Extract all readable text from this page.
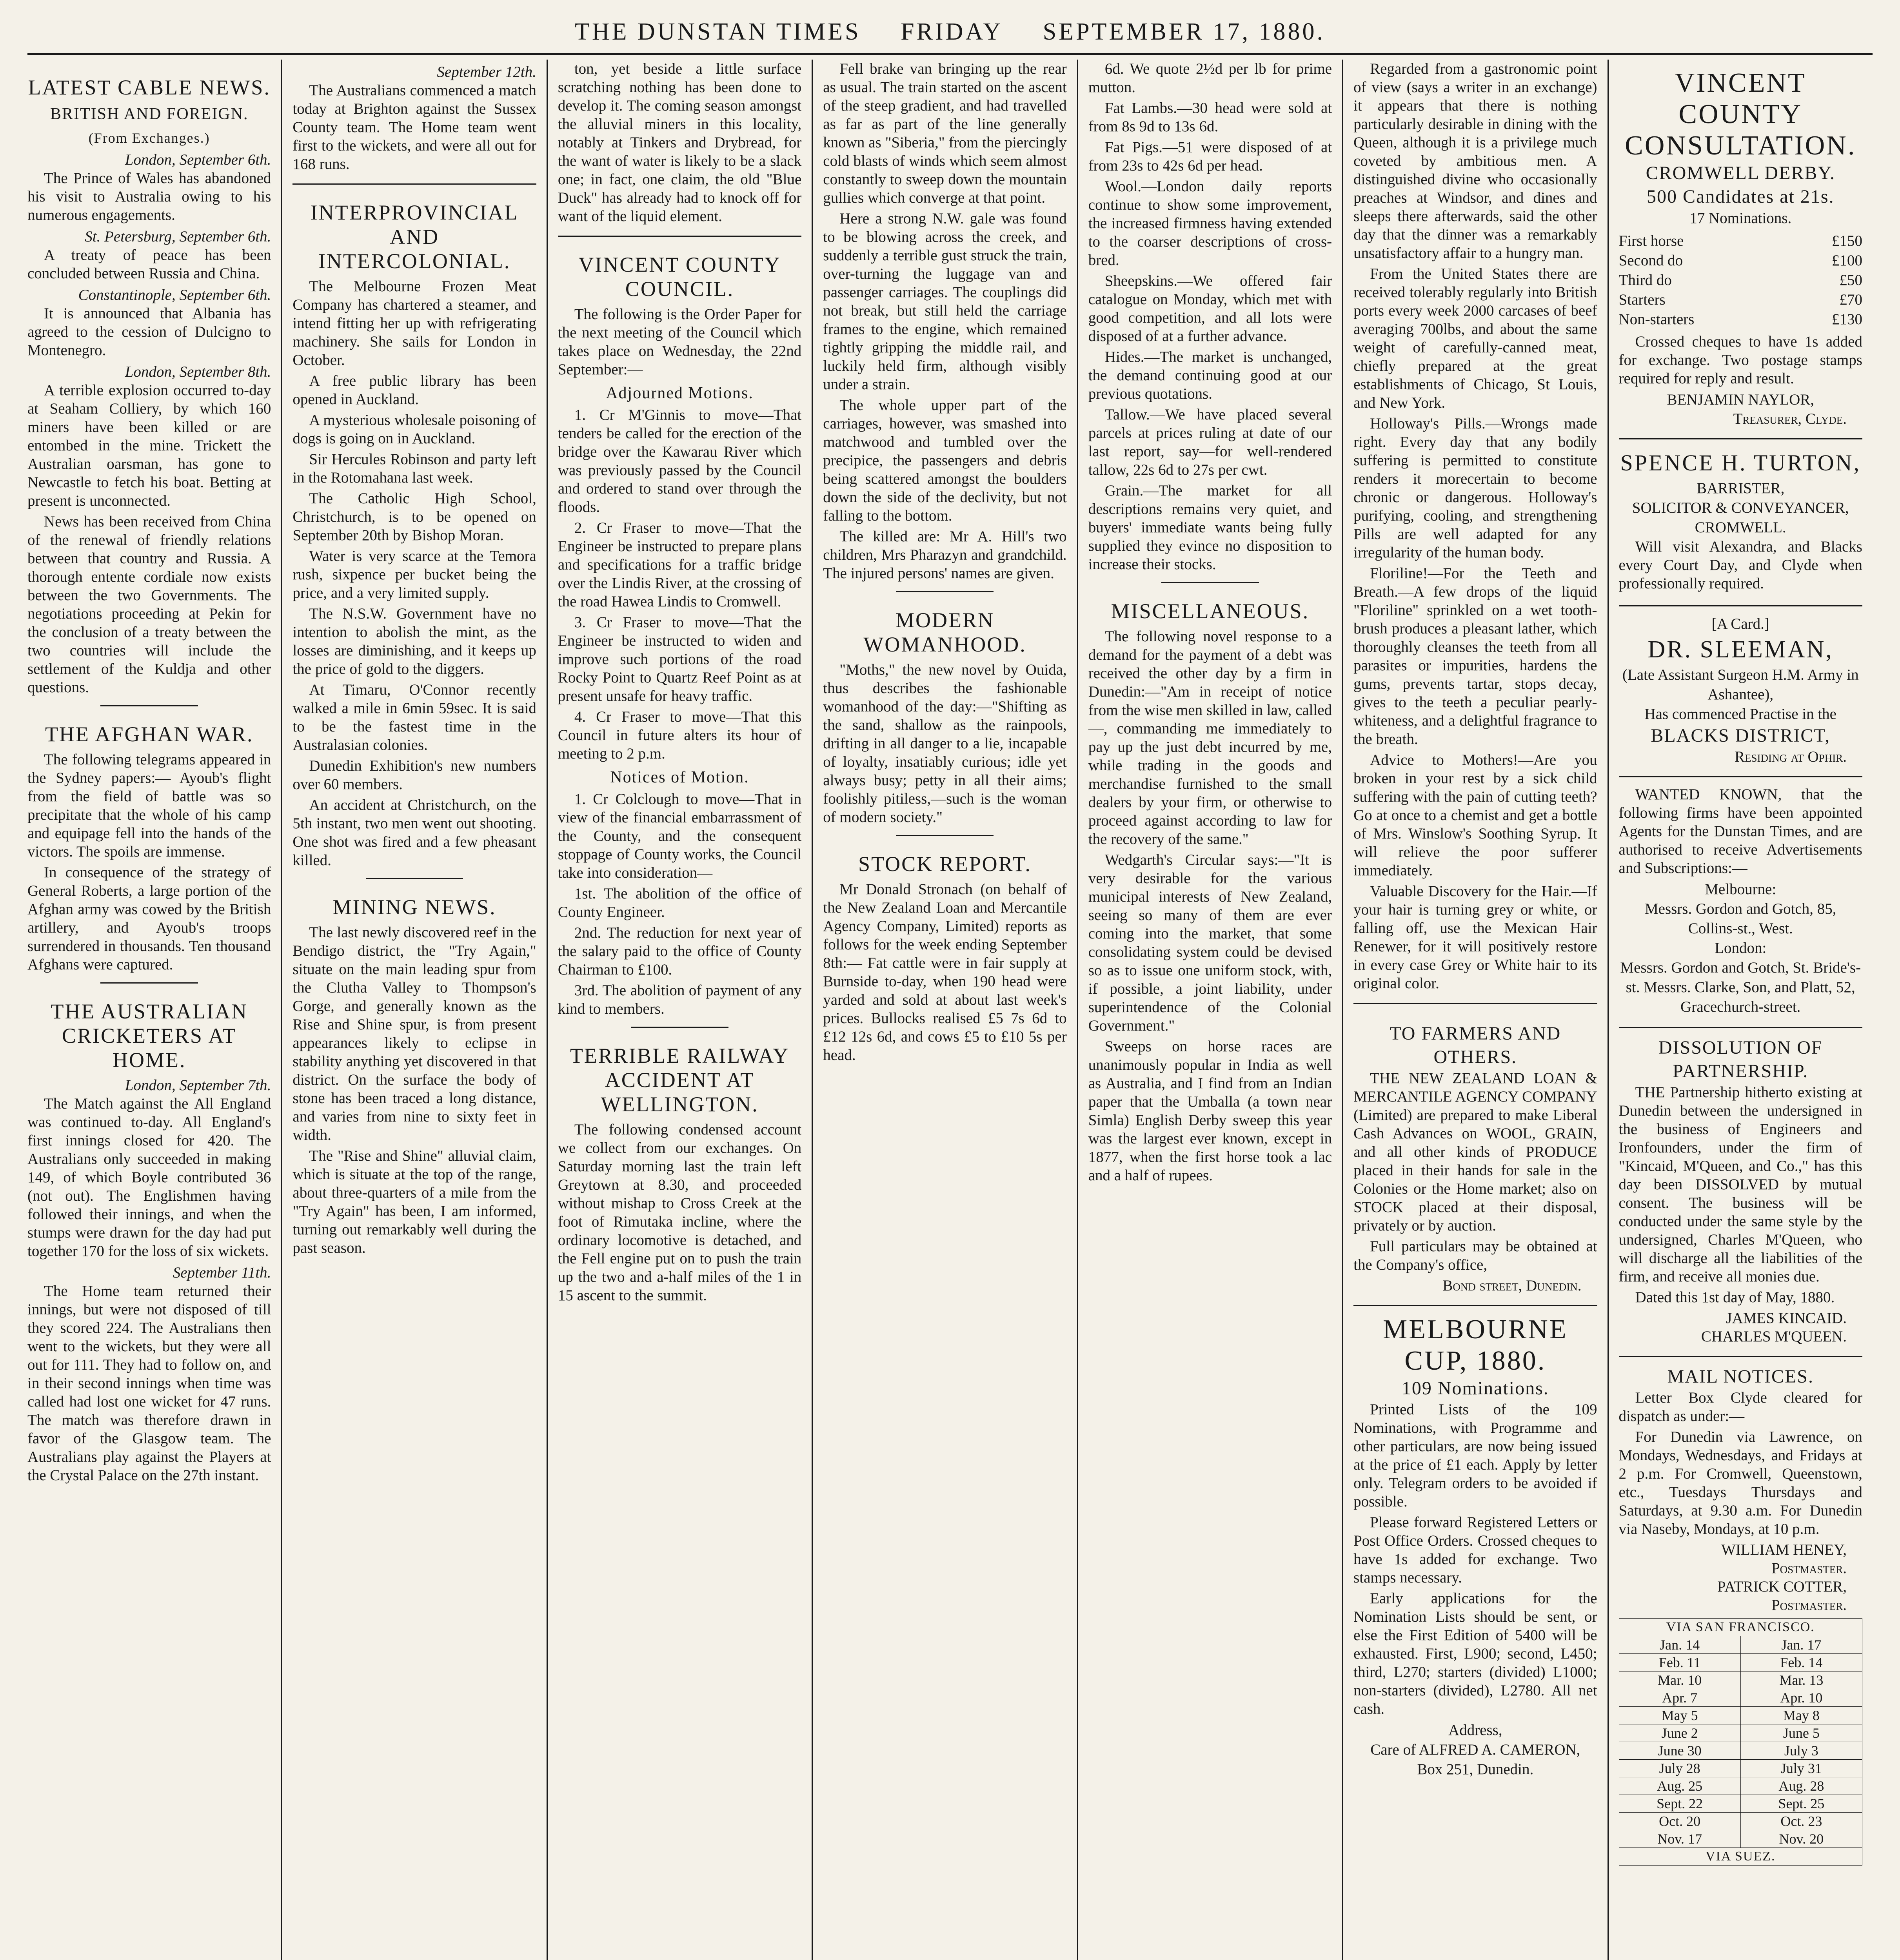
THE DUNSTAN TIMES FRIDAY SEPTEMBER 17, 1880.
LATEST CABLE NEWS.
BRITISH AND FOREIGN.
(From Exchanges.)
London, September 6th.

The Prince of Wales has abandoned his visit to Australia owing to his numerous engagements.

St. Petersburg, September 6th.

A treaty of peace has been concluded between Russia and China.

Constantinople, September 6th.

It is announced that Albania has agreed to the cession of Dulcigno to Montenegro.

London, September 8th.

A terrible explosion occurred to-day at Seaham Colliery, by which 160 miners have been killed or are entombed in the mine. Trickett the Australian oarsman, has gone to Newcastle to fetch his boat. Betting at present is unconnected.

News has been received from China of the renewal of friendly relations between that country and Russia. A thorough entente cordiale now exists between the two Governments. The negotiations proceeding at Pekin for the conclusion of a treaty between the two countries will include the settlement of the Kuldja and other questions.

THE AFGHAN WAR.

The following telegrams appeared in the Sydney papers:— Ayoub's flight from the field of battle was so precipitate that the whole of his camp and equipage fell into the hands of the victors. The spoils are immense.

In consequence of the strategy of General Roberts, a large portion of the Afghan army was cowed by the British artillery, and Ayoub's troops surrendered in thousands. Ten thousand Afghans were captured.

THE AUSTRALIAN CRICKETERS AT HOME.
London, September 7th.

The Match against the All England was continued to-day. All England's first innings closed for 420. The Australians only succeeded in making 149, of which Boyle contributed 36 (not out). The Englishmen having followed their innings, and when the stumps were drawn for the day had put together 170 for the loss of six wickets.

September 11th.

The Home team returned their innings, but were not disposed of till they scored 224. The Australians then went to the wickets, but they were all out for 111. They had to follow on, and in their second innings when time was called had lost one wicket for 47 runs. The match was therefore drawn in favor of the Glasgow team. The Australians play against the Players at the Crystal Palace on the 27th instant.

September 12th.

The Australians commenced a match today at Brighton against the Sussex County team. The Home team went first to the wickets, and were all out for 168 runs.

INTERPROVINCIAL AND INTERCOLONIAL.

The Melbourne Frozen Meat Company has chartered a steamer, and intend fitting her up with refrigerating machinery. She sails for London in October.

A free public library has been opened in Auckland.

A mysterious wholesale poisoning of dogs is going on in Auckland.

Sir Hercules Robinson and party left in the Rotomahana last week.

The Catholic High School, Christchurch, is to be opened on September 20th by Bishop Moran.

Water is very scarce at the Temora rush, sixpence per bucket being the price, and a very limited supply.

The N.S.W. Government have no intention to abolish the mint, as the losses are diminishing, and it keeps up the price of gold to the diggers.

At Timaru, O'Connor recently walked a mile in 6min 59sec. It is said to be the fastest time in the Australasian colonies.

Dunedin Exhibition's new numbers over 60 members.

An accident at Christchurch, on the 5th instant, two men went out shooting. One shot was fired and a few pheasant killed.

MINING NEWS.

The last newly discovered reef in the Bendigo district, the "Try Again," situate on the main leading spur from the Clutha Valley to Thompson's Gorge, and generally known as the Rise and Shine spur, is from present appearances likely to eclipse in stability anything yet discovered in that district. On the surface the body of stone has been traced a long distance, and varies from nine to sixty feet in width.

The "Rise and Shine" alluvial claim, which is situate at the top of the range, about three-quarters of a mile from the "Try Again" has been, I am informed, turning out remarkably well during the past season.

ton, yet beside a little surface scratching nothing has been done to develop it. The coming season amongst the alluvial miners in this locality, notably at Tinkers and Drybread, for the want of water is likely to be a slack one; in fact, one claim, the old "Blue Duck" has already had to knock off for want of the liquid element.

VINCENT COUNTY COUNCIL.

The following is the Order Paper for the next meeting of the Council which takes place on Wednesday, the 22nd September:—

Adjourned Motions.

1. Cr M'Ginnis to move—That tenders be called for the erection of the bridge over the Kawarau River which was previously passed by the Council and ordered to stand over through the floods.

2. Cr Fraser to move—That the Engineer be instructed to prepare plans and specifications for a traffic bridge over the Lindis River, at the crossing of the road Hawea Lindis to Cromwell.

3. Cr Fraser to move—That the Engineer be instructed to widen and improve such portions of the road Rocky Point to Quartz Reef Point as at present unsafe for heavy traffic.

4. Cr Fraser to move—That this Council in future alters its hour of meeting to 2 p.m.

Notices of Motion.

1. Cr Colclough to move—That in view of the financial embarrassment of the County, and the consequent stoppage of County works, the Council take into consideration—

1st. The abolition of the office of County Engineer.

2nd. The reduction for next year of the salary paid to the office of County Chairman to £100.

3rd. The abolition of payment of any kind to members.

TERRIBLE RAILWAY ACCIDENT AT WELLINGTON.

The following condensed account we collect from our exchanges. On Saturday morning last the train left Greytown at 8.30, and proceeded without mishap to Cross Creek at the foot of Rimutaka incline, where the ordinary locomotive is detached, and the Fell engine put on to push the train up the two and a-half miles of the 1 in 15 ascent to the summit.

Fell brake van bringing up the rear as usual. The train started on the ascent of the steep gradient, and had travelled as far as part of the line generally known as "Siberia," from the piercingly cold blasts of winds which seem almost constantly to sweep down the mountain gullies which converge at that point.

Here a strong N.W. gale was found to be blowing across the creek, and suddenly a terrible gust struck the train, over-turning the luggage van and passenger carriages. The couplings did not break, but still held the carriage frames to the engine, which remained tightly gripping the middle rail, and luckily held firm, although visibly under a strain.

The whole upper part of the carriages, however, was smashed into matchwood and tumbled over the precipice, the passengers and debris being scattered amongst the boulders down the side of the declivity, but not falling to the bottom.

The killed are: Mr A. Hill's two children, Mrs Pharazyn and grandchild. The injured persons' names are given.

MODERN WOMANHOOD.

"Moths," the new novel by Ouida, thus describes the fashionable womanhood of the day:—"Shifting as the sand, shallow as the rainpools, drifting in all danger to a lie, incapable of loyalty, insatiably curious; idle yet always busy; petty in all their aims; foolishly pitiless,—such is the woman of modern society."

STOCK REPORT.

Mr Donald Stronach (on behalf of the New Zealand Loan and Mercantile Agency Company, Limited) reports as follows for the week ending September 8th:— Fat cattle were in fair supply at Burnside to-day, when 190 head were yarded and sold at about last week's prices. Bullocks realised £5 7s 6d to £12 12s 6d, and cows £5 to £10 5s per head.

6d. We quote 2½d per lb for prime mutton.

Fat Lambs.—30 head were sold at from 8s 9d to 13s 6d.

Fat Pigs.—51 were disposed of at from 23s to 42s 6d per head.

Wool.—London daily reports continue to show some improvement, the increased firmness having extended to the coarser descriptions of cross-bred.

Sheepskins.—We offered fair catalogue on Monday, which met with good competition, and all lots were disposed of at a further advance.

Hides.—The market is unchanged, the demand continuing good at our previous quotations.

Tallow.—We have placed several parcels at prices ruling at date of our last report, say—for well-rendered tallow, 22s 6d to 27s per cwt.

Grain.—The market for all descriptions remains very quiet, and buyers' immediate wants being fully supplied they evince no disposition to increase their stocks.

MISCELLANEOUS.

The following novel response to a demand for the payment of a debt was received the other day by a firm in Dunedin:—"Am in receipt of notice from the wise men skilled in law, called—, commanding me immediately to pay up the just debt incurred by me, while trading in the goods and merchandise furnished to the small dealers by your firm, or otherwise to proceed against according to law for the recovery of the same."

Wedgarth's Circular says:—"It is very desirable for the various municipal interests of New Zealand, seeing so many of them are ever coming into the market, that some consolidating system could be devised so as to issue one uniform stock, with, if possible, a joint liability, under superintendence of the Colonial Government."

Sweeps on horse races are unanimously popular in India as well as Australia, and I find from an Indian paper that the Umballa (a town near Simla) English Derby sweep this year was the largest ever known, except in 1877, when the first horse took a lac and a half of rupees.

Regarded from a gastronomic point of view (says a writer in an exchange) it appears that there is nothing particularly desirable in dining with the Queen, although it is a privilege much coveted by ambitious men. A distinguished divine who occasionally preaches at Windsor, and dines and sleeps there afterwards, said the other day that the dinner was a remarkably unsatisfactory affair to a hungry man.

From the United States there are received tolerably regularly into British ports every week 2000 carcases of beef averaging 700lbs, and about the same weight of carefully-canned meat, chiefly prepared at the great establishments of Chicago, St Louis, and New York.

Holloway's Pills.—Wrongs made right. Every day that any bodily suffering is permitted to constitute renders it morecertain to become chronic or dangerous. Holloway's purifying, cooling, and strengthening Pills are well adapted for any irregularity of the human body.

Floriline!—For the Teeth and Breath.—A few drops of the liquid "Floriline" sprinkled on a wet tooth-brush produces a pleasant lather, which thoroughly cleanses the teeth from all parasites or impurities, hardens the gums, prevents tartar, stops decay, gives to the teeth a peculiar pearly-whiteness, and a delightful fragrance to the breath.

Advice to Mothers!—Are you broken in your rest by a sick child suffering with the pain of cutting teeth? Go at once to a chemist and get a bottle of Mrs. Winslow's Soothing Syrup. It will relieve the poor sufferer immediately.

Valuable Discovery for the Hair.—If your hair is turning grey or white, or falling off, use the Mexican Hair Renewer, for it will positively restore in every case Grey or White hair to its original color.

TO FARMERS AND OTHERS.

THE NEW ZEALAND LOAN & MERCANTILE AGENCY COMPANY (Limited) are prepared to make Liberal Cash Advances on WOOL, GRAIN, and all other kinds of PRODUCE placed in their hands for sale in the Colonies or the Home market; also on STOCK placed at their disposal, privately or by auction.

Full particulars may be obtained at the Company's office,

Bond street, Dunedin.
MELBOURNE CUP, 1880.
109 Nominations.

Printed Lists of the 109 Nominations, with Programme and other particulars, are now being issued at the price of £1 each. Apply by letter only. Telegram orders to be avoided if possible.

Please forward Registered Letters or Post Office Orders. Crossed cheques to have 1s added for exchange. Two stamps necessary.

Early applications for the Nomination Lists should be sent, or else the First Edition of 5400 will be exhausted. First, L900; second, L450; third, L270; starters (divided) L1000; non-starters (divided), L2780. All net cash.

Address,
Care of ALFRED A. CAMERON,
Box 251, Dunedin.
VINCENT COUNTY CONSULTATION.
CROMWELL DERBY.
500 Candidates at 21s.
17 Nominations.
First horse	£150
Second do	£100
Third do	£50
Starters	£70
Non-starters	£130

Crossed cheques to have 1s added for exchange. Two postage stamps required for reply and result.

BENJAMIN NAYLOR,
Treasurer, Clyde.
SPENCE H. TURTON,
BARRISTER,
SOLICITOR & CONVEYANCER,
CROMWELL.

Will visit Alexandra, and Blacks every Court Day, and Clyde when professionally required.

[A Card.]
DR. SLEEMAN,
(Late Assistant Surgeon H.M. Army in Ashantee),
Has commenced Practise in the
BLACKS DISTRICT,
Residing at Ophir.

WANTED KNOWN, that the following firms have been appointed Agents for the Dunstan Times, and are authorised to receive Advertisements and Subscriptions:—

Melbourne:
Messrs. Gordon and Gotch, 85, Collins-st., West.
London:
Messrs. Gordon and Gotch, St. Bride's-st. Messrs. Clarke, Son, and Platt, 52, Gracechurch-street.
DISSOLUTION OF PARTNERSHIP.

THE Partnership hitherto existing at Dunedin between the undersigned in the business of Engineers and Ironfounders, under the firm of "Kincaid, M'Queen, and Co.," has this day been DISSOLVED by mutual consent. The business will be conducted under the same style by the undersigned, Charles M'Queen, who will discharge all the liabilities of the firm, and receive all monies due.

Dated this 1st day of May, 1880.

JAMES KINCAID.
CHARLES M'QUEEN.
MAIL NOTICES.

Letter Box Clyde cleared for dispatch as under:—

For Dunedin via Lawrence, on Mondays, Wednesdays, and Fridays at 2 p.m. For Cromwell, Queenstown, etc., Tuesdays Thursdays and Saturdays, at 9.30 a.m. For Dunedin via Naseby, Mondays, at 10 p.m.

WILLIAM HENEY,
Postmaster.
PATRICK COTTER,
Postmaster.
VIA SAN FRANCISCO.	
Jan. 14	Jan. 17
Feb. 11	Feb. 14
Mar. 10	Mar. 13
Apr. 7	Apr. 10
May 5	May 8
June 2	June 5
June 30	July 3
July 28	July 31
Aug. 25	Aug. 28
Sept. 22	Sept. 25
Oct. 20	Oct. 23
Nov. 17	Nov. 20
VIA SUEZ.	
